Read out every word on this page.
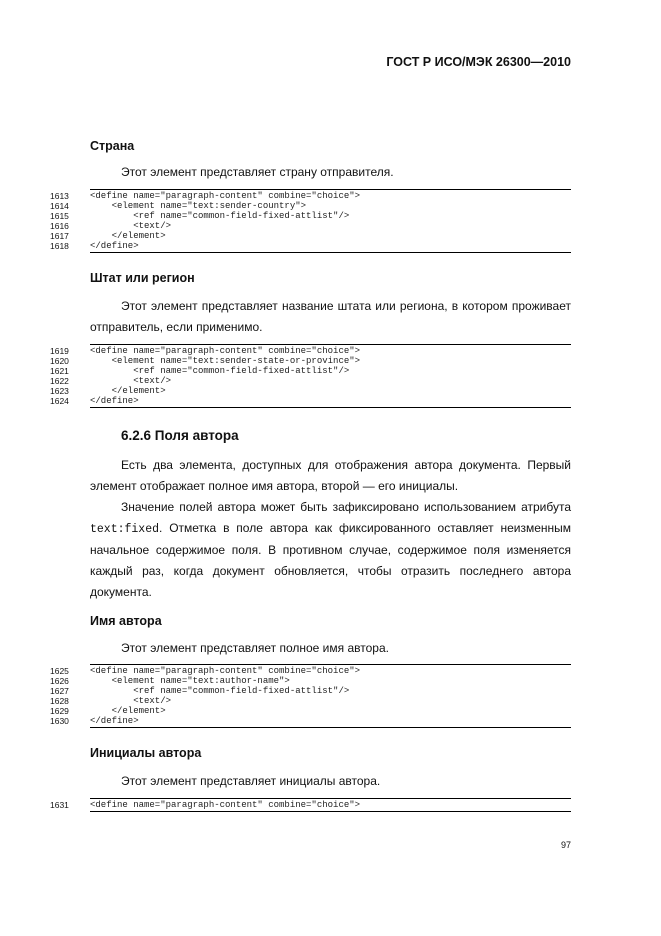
ГОСТ Р ИСО/МЭК 26300—2010
Страна
Этот элемент представляет страну отправителя.
1613	<define name="paragraph-content" combine="choice">
1614	<element name="text:sender-country">
1615	<ref name="common-field-fixed-attlist"/>
1616	<text/>
1617	</element>
1618	</define>
Штат или регион
Этот элемент представляет название штата или региона, в котором проживает отправитель, если применимо.
1619	<define name="paragraph-content" combine="choice">
1620	<element name="text:sender-state-or-province">
1621	<ref name="common-field-fixed-attlist"/>
1622	<text/>
1623	</element>
1624	</define>
6.2.6 Поля автора
Есть два элемента, доступных для отображения автора документа. Первый элемент отображает полное имя автора, второй — его инициалы.
Значение полей автора может быть зафиксировано использованием атрибута text:fixed. Отметка в поле автора как фиксированного оставляет неизменным начальное содержимое поля. В противном случае, содержимое поля изменяется каждый раз, когда документ обновляется, чтобы отразить последнего автора документа.
Имя автора
Этот элемент представляет полное имя автора.
1625	<define name="paragraph-content" combine="choice">
1626	<element name="text:author-name">
1627	<ref name="common-field-fixed-attlist"/>
1628	<text/>
1629	</element>
1630	</define>
Инициалы автора
Этот элемент представляет инициалы автора.
1631	<define name="paragraph-content" combine="choice">
97
